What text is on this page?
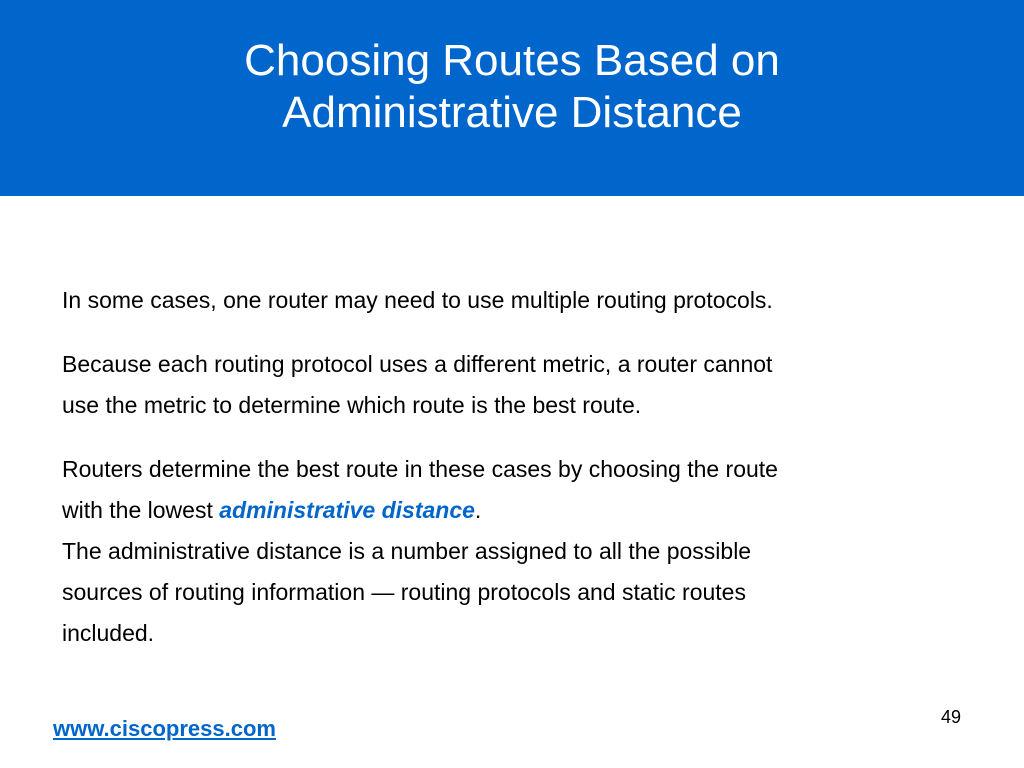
Choosing Routes Based on
Administrative Distance

In some cases, one router may need to use multiple routing protocols.

Because each routing protocol uses a different metric, a router cannot
use the metric to determine which route is the best route.

Routers determine the best route in these cases by choosing the route
with the lowest administrative distance.
The administrative distance is a number assigned to all the possible
sources of routing information — routing protocols and static routes
included.

www.ciscopress.com	49
